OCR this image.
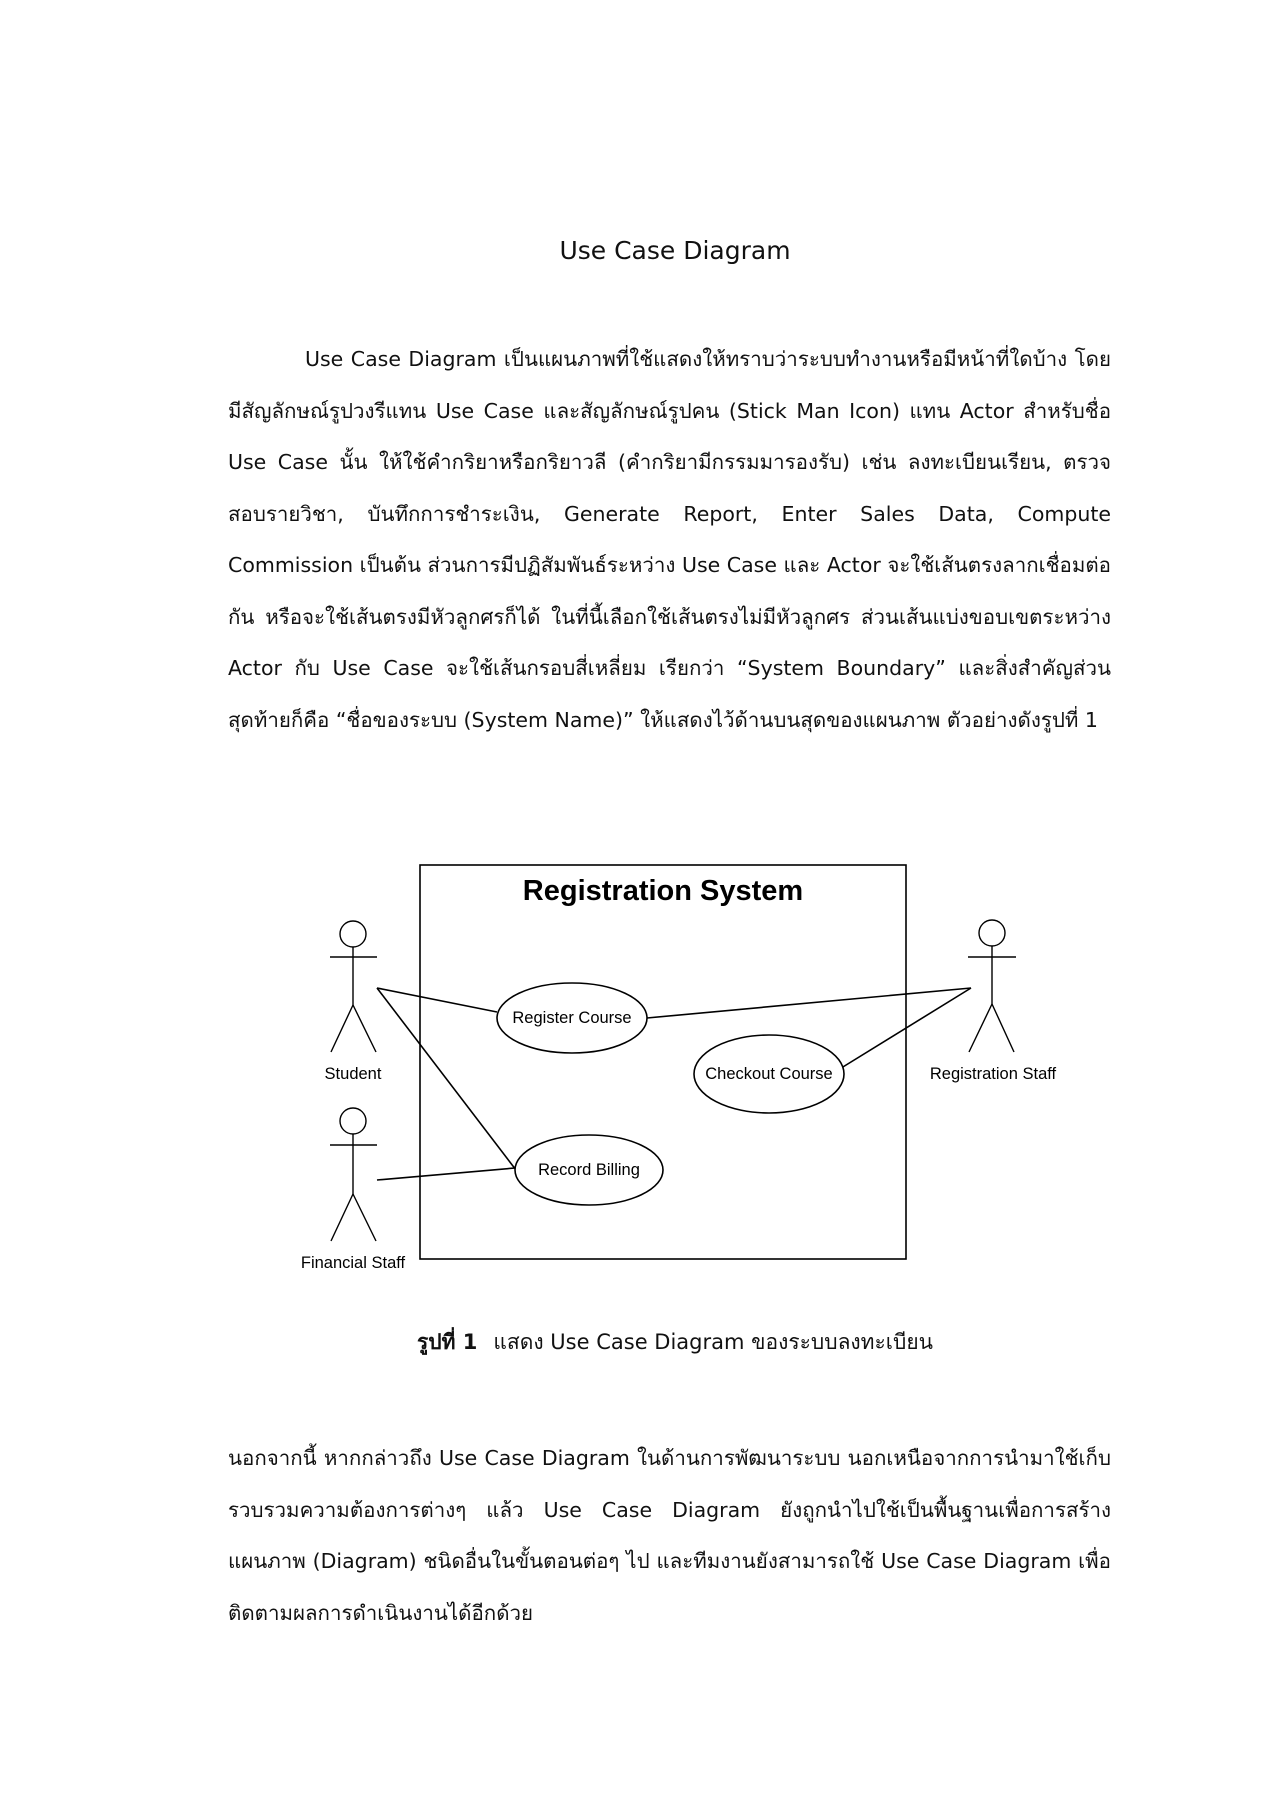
Use Case Diagram

Use Case Diagram เป็นแผนภาพที่ใช้แสดงให้ทราบว่าระบบทำงานหรือมีหน้าที่ใดบ้าง โดยมีสัญลักษณ์รูปวงรีแทน Use Case และสัญลักษณ์รูปคน (Stick Man Icon) แทน Actor สำหรับชื่อ Use Case นั้น ให้ใช้คำกริยาหรือกริยาวลี (คำกริยามีกรรมมารองรับ) เช่น ลงทะเบียนเรียน, ตรวจสอบรายวิชา, บันทึกการชำระเงิน, Generate Report, Enter Sales Data, Compute Commission เป็นต้น ส่วนการมีปฏิสัมพันธ์ระหว่าง Use Case และ Actor จะใช้เส้นตรงลากเชื่อมต่อกัน หรือจะใช้เส้นตรงมีหัวลูกศรก็ได้ ในที่นี้เลือกใช้เส้นตรงไม่มีหัวลูกศร ส่วนเส้นแบ่งขอบเขตระหว่าง Actor กับ Use Case จะใช้เส้นกรอบสี่เหลี่ยม เรียกว่า “System Boundary” และสิ่งสำคัญส่วนสุดท้ายก็คือ “ชื่อของระบบ (System Name)” ให้แสดงไว้ด้านบนสุดของแผนภาพ ตัวอย่างดังรูปที่ 1

Registration System
Register Course
Checkout Course
Record Billing
Student	Registration Staff
Financial Staff

รูปที่ 1 แสดง Use Case Diagram ของระบบลงทะเบียน

นอกจากนี้ หากกล่าวถึง Use Case Diagram ในด้านการพัฒนาระบบ นอกเหนือจากการนำมาใช้เก็บรวบรวมความต้องการต่างๆ แล้ว Use Case Diagram ยังถูกนำไปใช้เป็นพื้นฐานเพื่อการสร้างแผนภาพ (Diagram) ชนิดอื่นในขั้นตอนต่อๆ ไป และทีมงานยังสามารถใช้ Use Case Diagram เพื่อติดตามผลการดำเนินงานได้อีกด้วย
